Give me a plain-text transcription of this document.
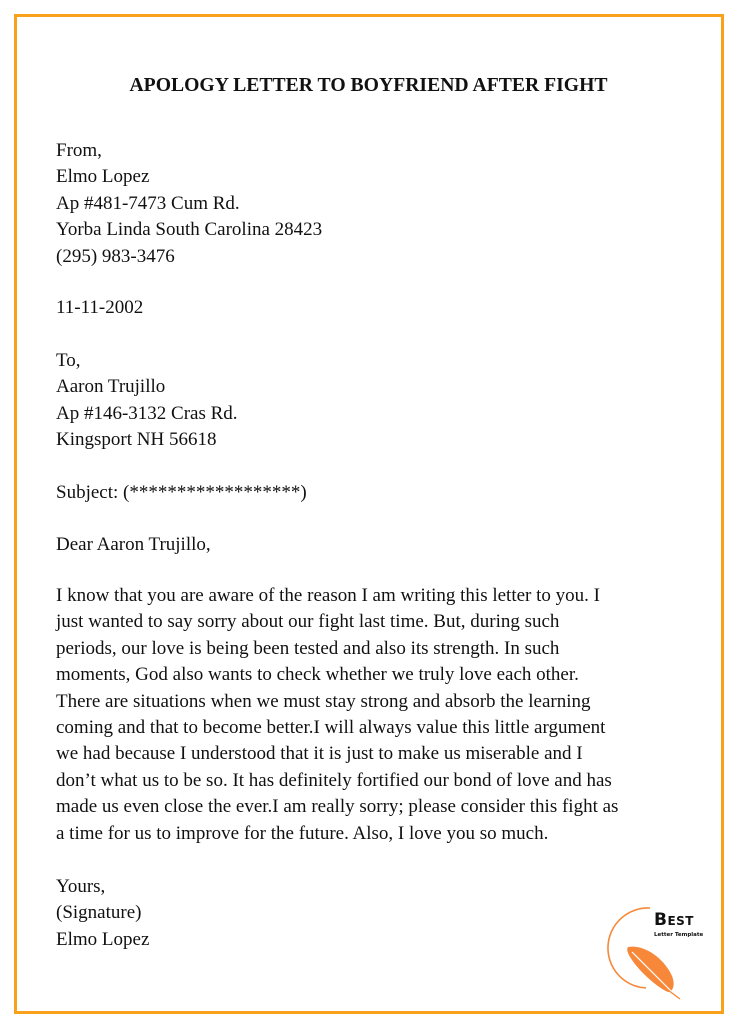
APOLOGY LETTER TO BOYFRIEND AFTER FIGHT
From,
Elmo Lopez
Ap #481-7473 Cum Rd.
Yorba Linda South Carolina 28423
(295) 983-3476
11-11-2002
To,
Aaron Trujillo
Ap #146-3132 Cras Rd.
Kingsport NH 56618
Subject: (******************)
Dear Aaron Trujillo,
I know that you are aware of the reason I am writing this letter to you. I
just wanted to say sorry about our fight last time. But, during such
periods, our love is being been tested and also its strength. In such
moments, God also wants to check whether we truly love each other.
There are situations when we must stay strong and absorb the learning
coming and that to become better.I will always value this little argument
we had because I understood that it is just to make us miserable and I
don’t what us to be so. It has definitely fortified our bond of love and has
made us even close the ever.I am really sorry; please consider this fight as
a time for us to improve for the future. Also, I love you so much.
Yours,
(Signature)
Elmo Lopez
BEST
Letter Template
